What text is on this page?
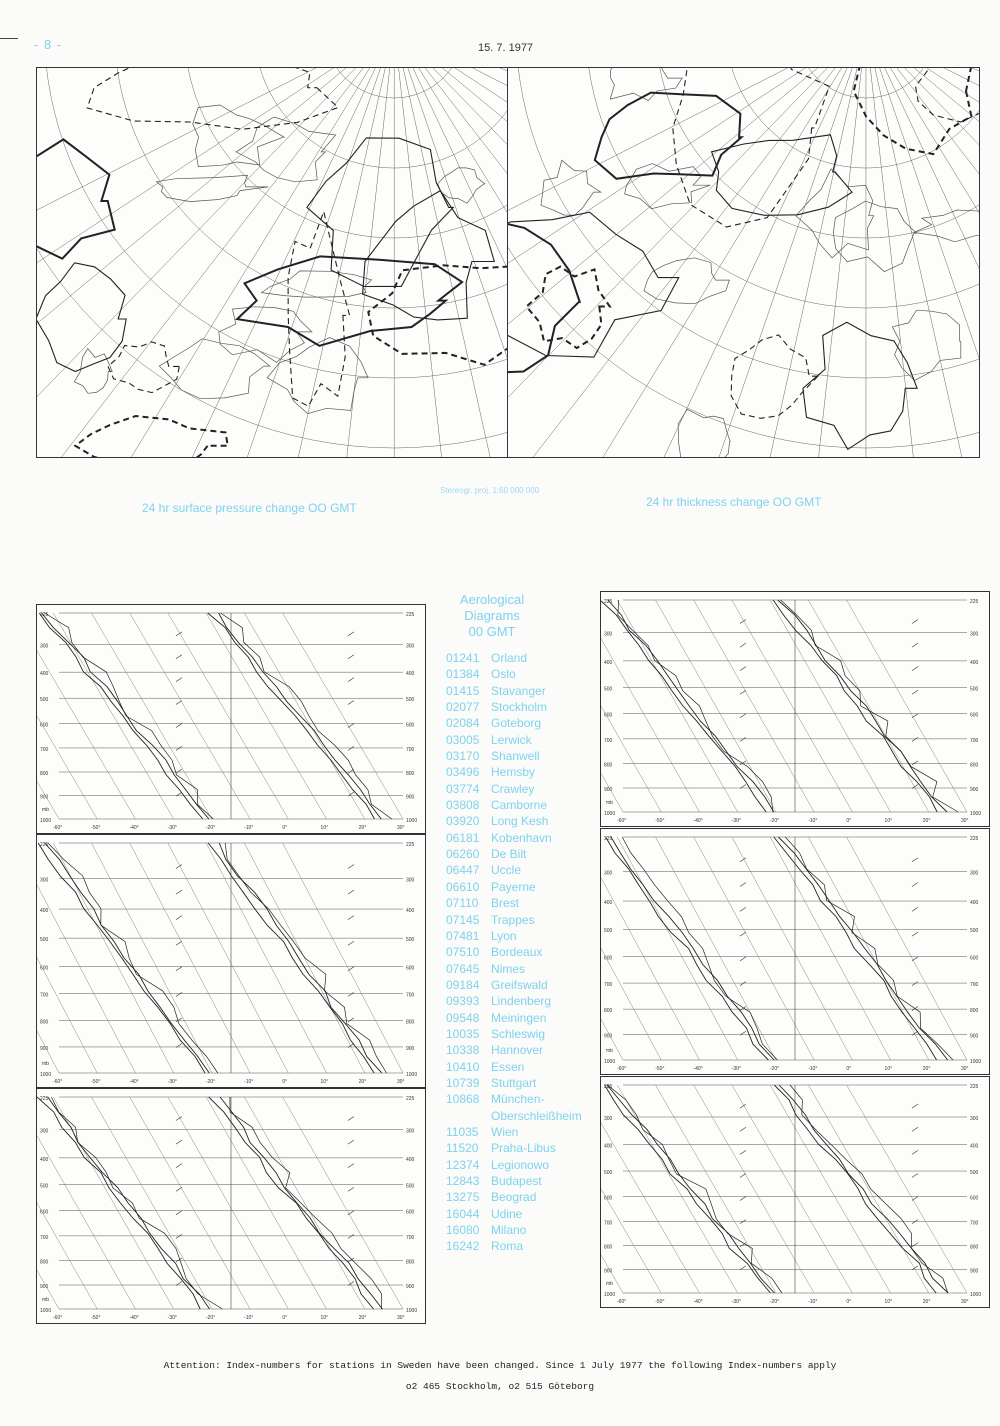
- 8 -	15. 7. 1977
Stereogr. proj. 1:60 000 000
24 hr surface pressure change OO GMT	24 hr thickness change OO GMT
225	225
300	300
400	400
500	500
600	600
700	700
800	800
900	900
1000	1000
-60°	-50°	-40°	-30°	-20°	-10°	0°	10°	20°	30°
mb
225	225
300	300
400	400
500	500
600	600
700	700
800	800
900	900
1000	1000
-60°	-50°	-40°	-30°	-20°	-10°	0°	10°	20°	30°
mb
225	225
300	300
400	400
500	500
600	600
700	700
800	800
900	900
1000	1000
-60°	-50°	-40°	-30°	-20°	-10°	0°	10°	20°	30°
mb
225	225
300	300
400	400
500	500
600	600
700	700
800	800
900	900
1000	1000
-60°	-50°	-40°	-30°	-20°	-10°	0°	10°	20°	30°
mb
225	225
300	300
400	400
500	500
600	600
700	700
800	800
900	900
1000	1000
-60°	-50°	-40°	-30°	-20°	-10°	0°	10°	20°	30°
mb
225	225
300	300
400	400
500	500
600	600
700	700
800	800
900	900
1000	1000
-60°	-50°	-40°	-30°	-20°	-10°	0°	10°	20°	30°
mb
Aerological
Diagrams
00 GMT
01241 Orland
01384 Oslo
01415 Stavanger
02077 Stockholm
02084 Goteborg
03005 Lerwick
03170 Shanwell
03496 Hemsby
03774 Crawley
03808 Camborne
03920 Long Kesh
06181 Kobenhavn
06260 De Bilt
06447 Uccle
06610 Payerne
07110	Brest
07145 Trappes
07481 Lyon
07510 Bordeaux
07645 Nimes
09184 Greifswald
09393 Lindenberg
09548 Meiningen
10035 Schleswig
10338 Hannover
10410 Essen
10739 Stuttgart
10868 München-
Oberschleißheim
11035	Wien
11520	Praha-Libus
12374 Legionowo
12843 Budapest
13275 Beograd
16044 Udine
16080 Milano
16242 Roma
Attention: Index-numbers for stations in Sweden have been changed. Since 1 July 1977 the following Index-numbers apply
o2 465 Stockholm, o2 515 Göteborg
